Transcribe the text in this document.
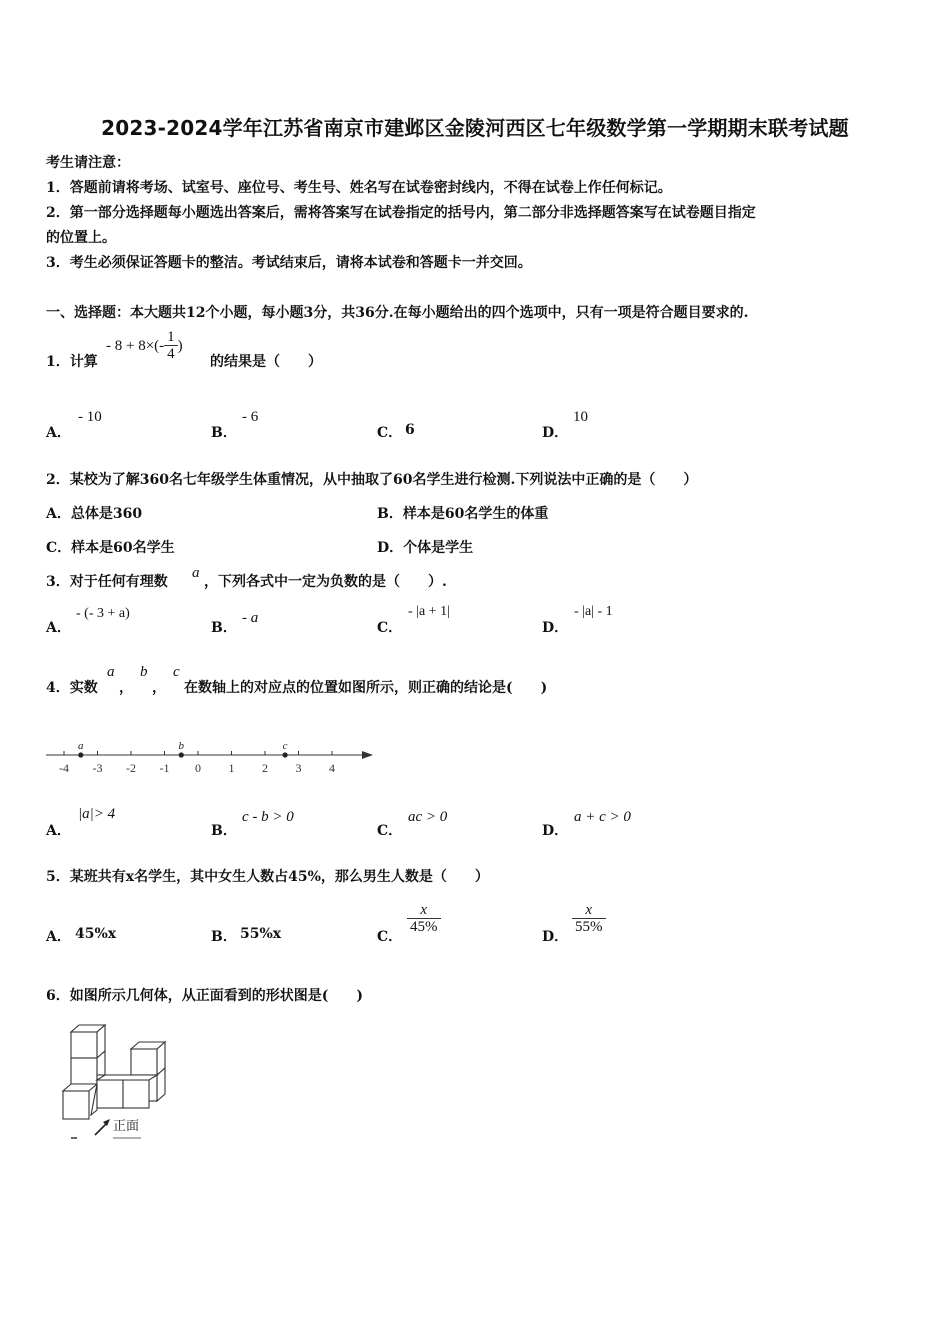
2023-2024学年江苏省南京市建邺区金陵河西区七年级数学第一学期期末联考试题
考生请注意：
1．答题前请将考场、试室号、座位号、考生号、姓名写在试卷密封线内，不得在试卷上作任何标记。
2．第一部分选择题每小题选出答案后，需将答案写在试卷指定的括号内，第二部分非选择题答案写在试卷题目指定
的位置上。
3．考生必须保证答题卡的整洁。考试结束后，请将本试卷和答题卡一并交回。
一、选择题：本大题共12个小题，每小题3分，共36分.在每小题给出的四个选项中，只有一项是符合题目要求的.
1．计算
- $8 + 8\times(- \frac{1}{4}$ )
的结果是（　　）
A．
- 10
B．
- 6
C． 6	D．
10
2．某校为了解360名七年级学生体重情况，从中抽取了60名学生进行检测.下列说法中正确的是（　　）
A．总体是360	B．样本是60名学生的体重
C．样本是60名学生	D．个体是学生
3．对于任何有理数
a
，下列各式中一定为负数的是（　　）.
A．
- (- 3 + a)
B．
- a
C．
- |a + 1|
D．
- |a| - 1
4．实数
a
，
b
，
c
在数轴上的对应点的位置如图所示，则正确的结论是(　　)
-4 -3 -2 -1 0 1 2 3 4
a	b	c
A．
|a|> 4
B．
c - b > 0
C．
ac > 0
D．
a + c > 0
5．某班共有x名学生，其中女生人数占45%，那么男生人数是（　　）
A． 45%x	B． 55%x	C．
$\frac{x}{45\%}$
D．
$\frac{x}{55\%}$
6．如图所示几何体，从正面看到的形状图是(　　)
正面
